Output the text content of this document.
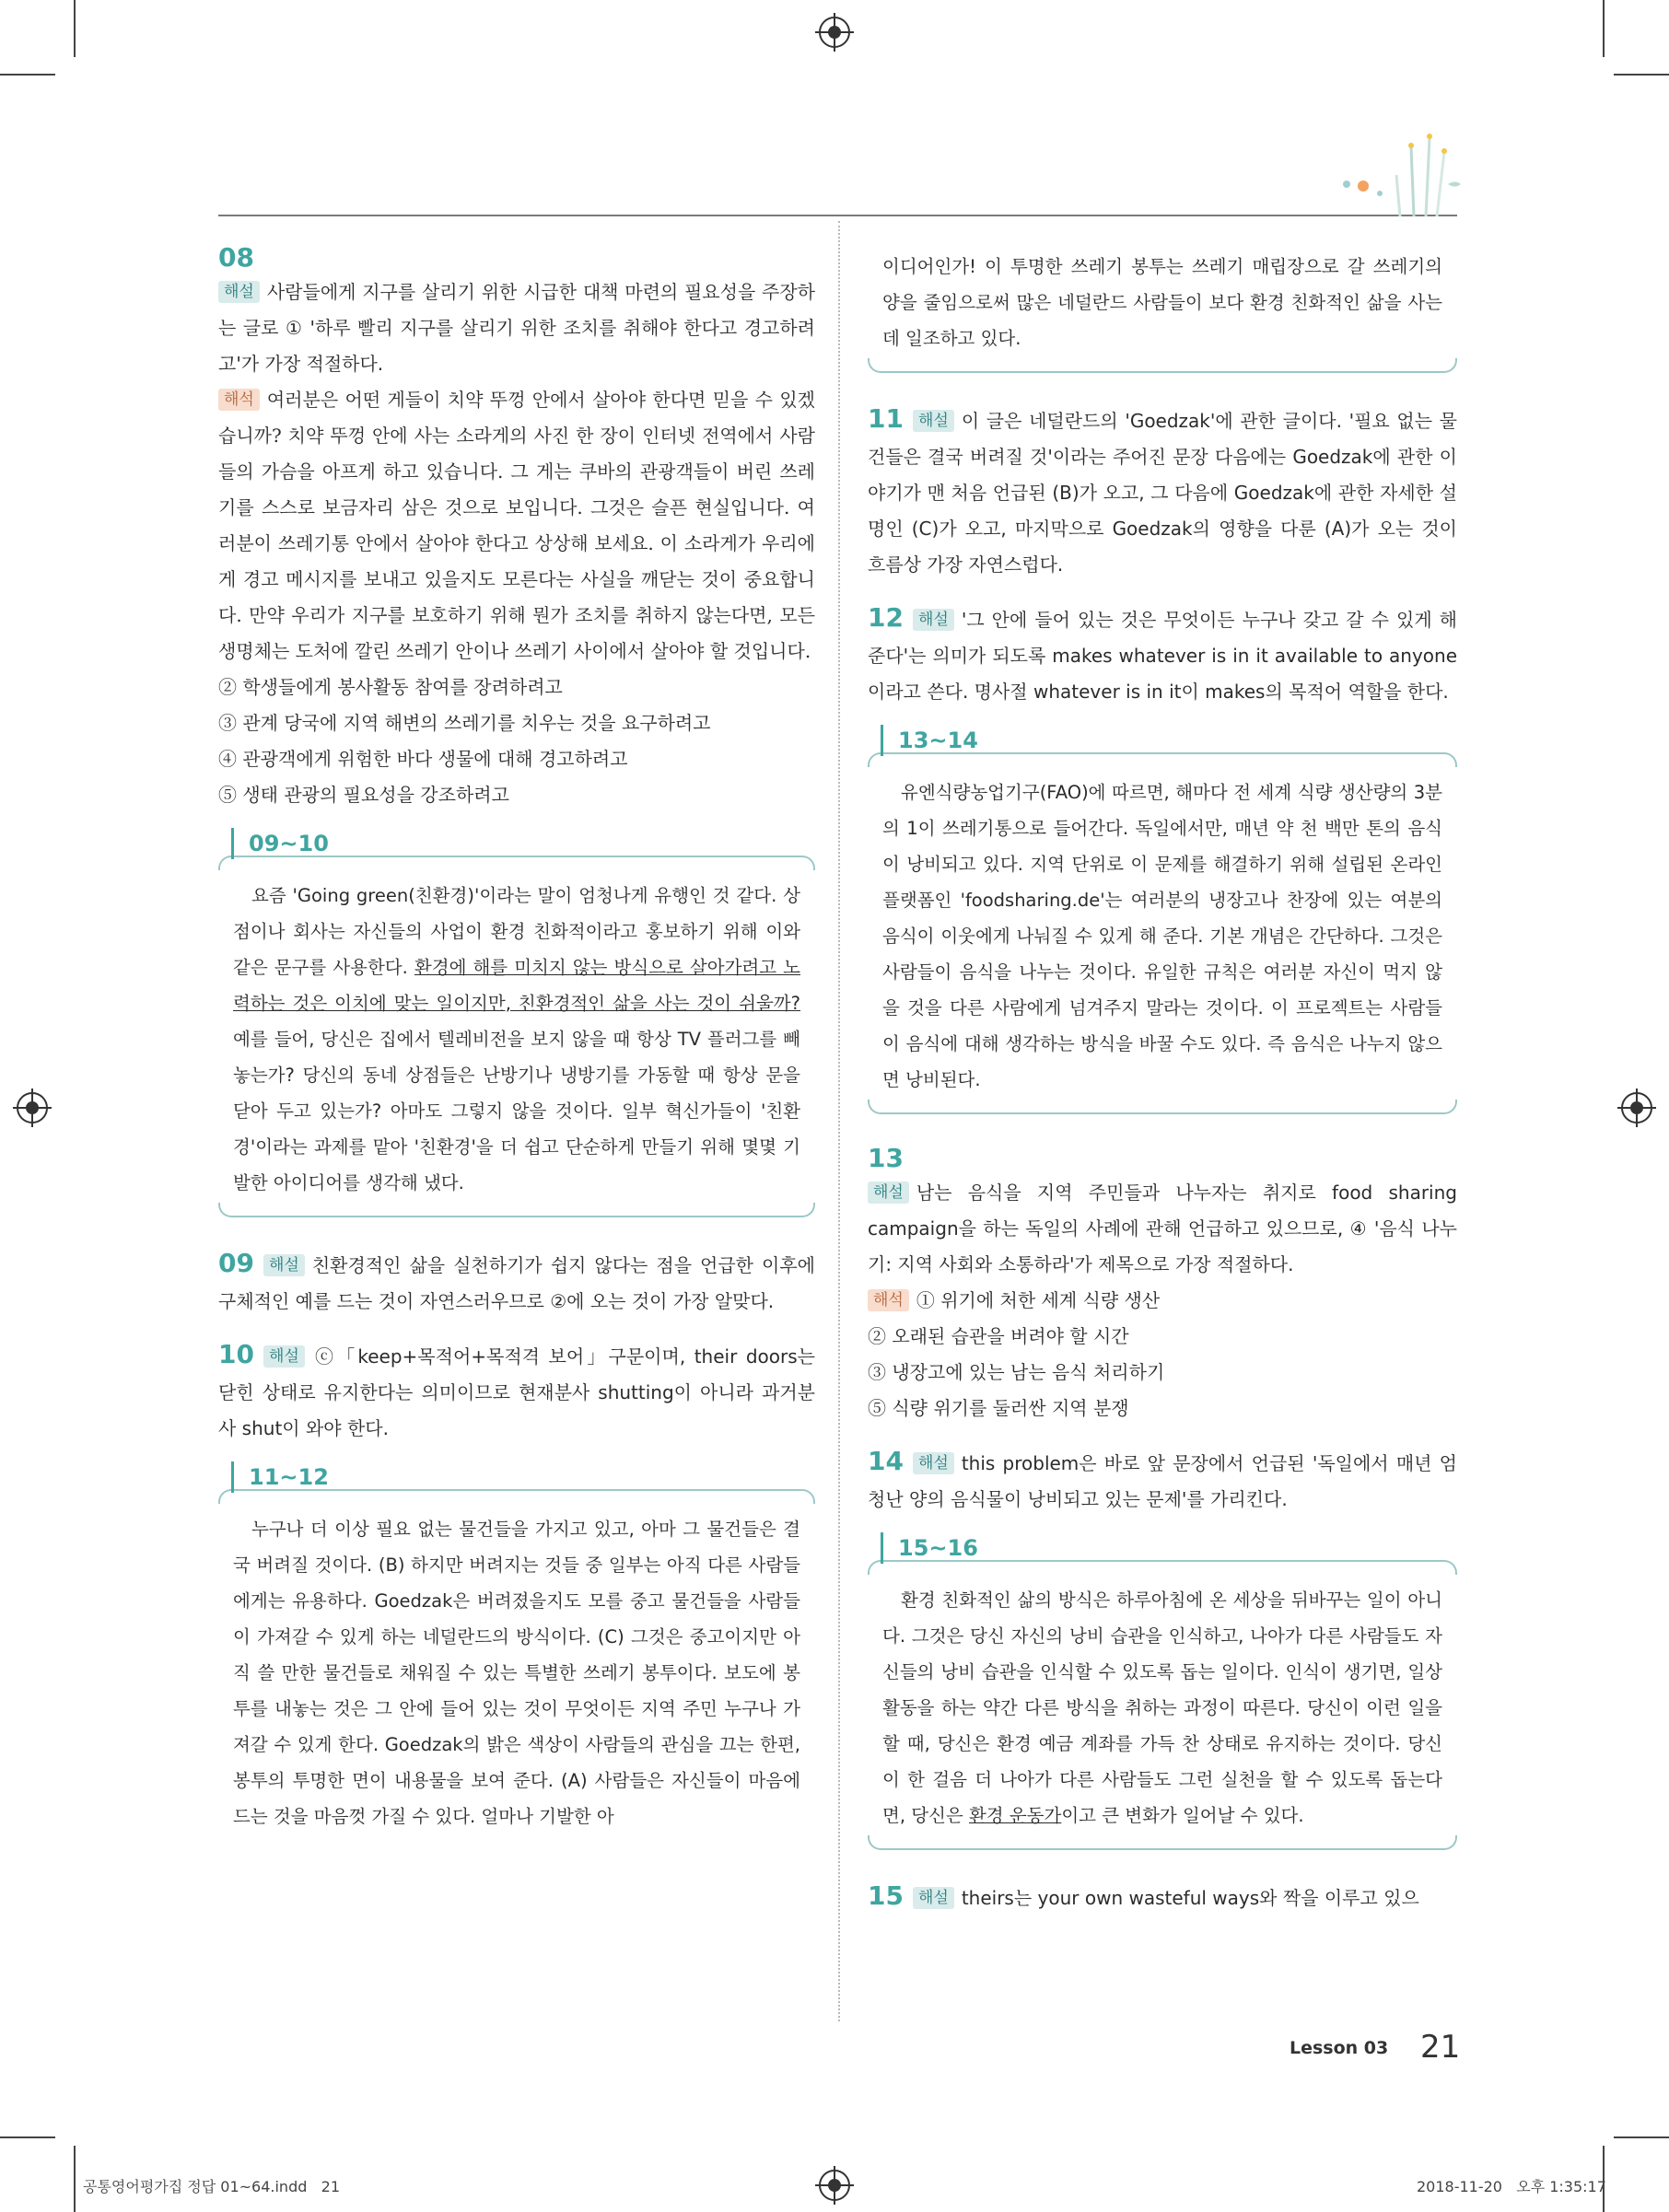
08

해설 사람들에게 지구를 살리기 위한 시급한 대책 마련의 필요성을 주장하는 글로 ① '하루 빨리 지구를 살리기 위한 조치를 취해야 한다고 경고하려고'가 가장 적절하다.

해석 여러분은 어떤 게들이 치약 뚜껑 안에서 살아야 한다면 믿을 수 있겠습니까? 치약 뚜껑 안에 사는 소라게의 사진 한 장이 인터넷 전역에서 사람들의 가슴을 아프게 하고 있습니다. 그 게는 쿠바의 관광객들이 버린 쓰레기를 스스로 보금자리 삼은 것으로 보입니다. 그것은 슬픈 현실입니다. 여러분이 쓰레기통 안에서 살아야 한다고 상상해 보세요. 이 소라게가 우리에게 경고 메시지를 보내고 있을지도 모른다는 사실을 깨닫는 것이 중요합니다. 만약 우리가 지구를 보호하기 위해 뭔가 조치를 취하지 않는다면, 모든 생명체는 도처에 깔린 쓰레기 안이나 쓰레기 사이에서 살아야 할 것입니다.

② 학생들에게 봉사활동 참여를 장려하려고

③ 관계 당국에 지역 해변의 쓰레기를 치우는 것을 요구하려고

④ 관광객에게 위험한 바다 생물에 대해 경고하려고

⑤ 생태 관광의 필요성을 강조하려고

09~10

요즘 'Going green(친환경)'이라는 말이 엄청나게 유행인 것 같다. 상점이나 회사는 자신들의 사업이 환경 친화적이라고 홍보하기 위해 이와 같은 문구를 사용한다. 환경에 해를 미치지 않는 방식으로 살아가려고 노력하는 것은 이치에 맞는 일이지만, 친환경적인 삶을 사는 것이 쉬울까? 예를 들어, 당신은 집에서 텔레비전을 보지 않을 때 항상 TV 플러그를 빼놓는가? 당신의 동네 상점들은 난방기나 냉방기를 가동할 때 항상 문을 닫아 두고 있는가? 아마도 그렇지 않을 것이다. 일부 혁신가들이 '친환경'이라는 과제를 맡아 '친환경'을 더 쉽고 단순하게 만들기 위해 몇몇 기발한 아이디어를 생각해 냈다.

09 해설 친환경적인 삶을 실천하기가 쉽지 않다는 점을 언급한 이후에 구체적인 예를 드는 것이 자연스러우므로 ②에 오는 것이 가장 알맞다.

10 해설 ⓒ「keep+목적어+목적격 보어」구문이며, their doors는 닫힌 상태로 유지한다는 의미이므로 현재분사 shutting이 아니라 과거분사 shut이 와야 한다.

11~12

누구나 더 이상 필요 없는 물건들을 가지고 있고, 아마 그 물건들은 결국 버려질 것이다. (B) 하지만 버려지는 것들 중 일부는 아직 다른 사람들에게는 유용하다. Goedzak은 버려졌을지도 모를 중고 물건들을 사람들이 가져갈 수 있게 하는 네덜란드의 방식이다. (C) 그것은 중고이지만 아직 쓸 만한 물건들로 채워질 수 있는 특별한 쓰레기 봉투이다. 보도에 봉투를 내놓는 것은 그 안에 들어 있는 것이 무엇이든 지역 주민 누구나 가져갈 수 있게 한다. Goedzak의 밝은 색상이 사람들의 관심을 끄는 한편, 봉투의 투명한 면이 내용물을 보여 준다. (A) 사람들은 자신들이 마음에 드는 것을 마음껏 가질 수 있다. 얼마나 기발한 아

이디어인가! 이 투명한 쓰레기 봉투는 쓰레기 매립장으로 갈 쓰레기의 양을 줄임으로써 많은 네덜란드 사람들이 보다 환경 친화적인 삶을 사는 데 일조하고 있다.

11 해설 이 글은 네덜란드의 'Goedzak'에 관한 글이다. '필요 없는 물건들은 결국 버려질 것'이라는 주어진 문장 다음에는 Goedzak에 관한 이야기가 맨 처음 언급된 (B)가 오고, 그 다음에 Goedzak에 관한 자세한 설명인 (C)가 오고, 마지막으로 Goedzak의 영향을 다룬 (A)가 오는 것이 흐름상 가장 자연스럽다.

12 해설 '그 안에 들어 있는 것은 무엇이든 누구나 갖고 갈 수 있게 해 준다'는 의미가 되도록 makes whatever is in it available to anyone이라고 쓴다. 명사절 whatever is in it이 makes의 목적어 역할을 한다.

13~14

유엔식량농업기구(FAO)에 따르면, 해마다 전 세계 식량 생산량의 3분의 1이 쓰레기통으로 들어간다. 독일에서만, 매년 약 천 백만 톤의 음식이 낭비되고 있다. 지역 단위로 이 문제를 해결하기 위해 설립된 온라인 플랫폼인 'foodsharing.de'는 여러분의 냉장고나 찬장에 있는 여분의 음식이 이웃에게 나눠질 수 있게 해 준다. 기본 개념은 간단하다. 그것은 사람들이 음식을 나누는 것이다. 유일한 규칙은 여러분 자신이 먹지 않을 것을 다른 사람에게 넘겨주지 말라는 것이다. 이 프로젝트는 사람들이 음식에 대해 생각하는 방식을 바꿀 수도 있다. 즉 음식은 나누지 않으면 낭비된다.

13

해설 남는 음식을 지역 주민들과 나누자는 취지로 food sharing campaign을 하는 독일의 사례에 관해 언급하고 있으므로, ④ '음식 나누기: 지역 사회와 소통하라'가 제목으로 가장 적절하다.

해석 ① 위기에 처한 세계 식량 생산

② 오래된 습관을 버려야 할 시간

③ 냉장고에 있는 남는 음식 처리하기

⑤ 식량 위기를 둘러싼 지역 분쟁

14 해설 this problem은 바로 앞 문장에서 언급된 '독일에서 매년 엄청난 양의 음식물이 낭비되고 있는 문제'를 가리킨다.

15~16

환경 친화적인 삶의 방식은 하루아침에 온 세상을 뒤바꾸는 일이 아니다. 그것은 당신 자신의 낭비 습관을 인식하고, 나아가 다른 사람들도 자신들의 낭비 습관을 인식할 수 있도록 돕는 일이다. 인식이 생기면, 일상 활동을 하는 약간 다른 방식을 취하는 과정이 따른다. 당신이 이런 일을 할 때, 당신은 환경 예금 계좌를 가득 찬 상태로 유지하는 것이다. 당신이 한 걸음 더 나아가 다른 사람들도 그런 실천을 할 수 있도록 돕는다면, 당신은 환경 운동가이고 큰 변화가 일어날 수 있다.

15 해설 theirs는 your own wasteful ways와 짝을 이루고 있으

Lesson 03 21
공통영어평가집 정답 01~64.indd   21	2018-11-20   오후 1:35:17
